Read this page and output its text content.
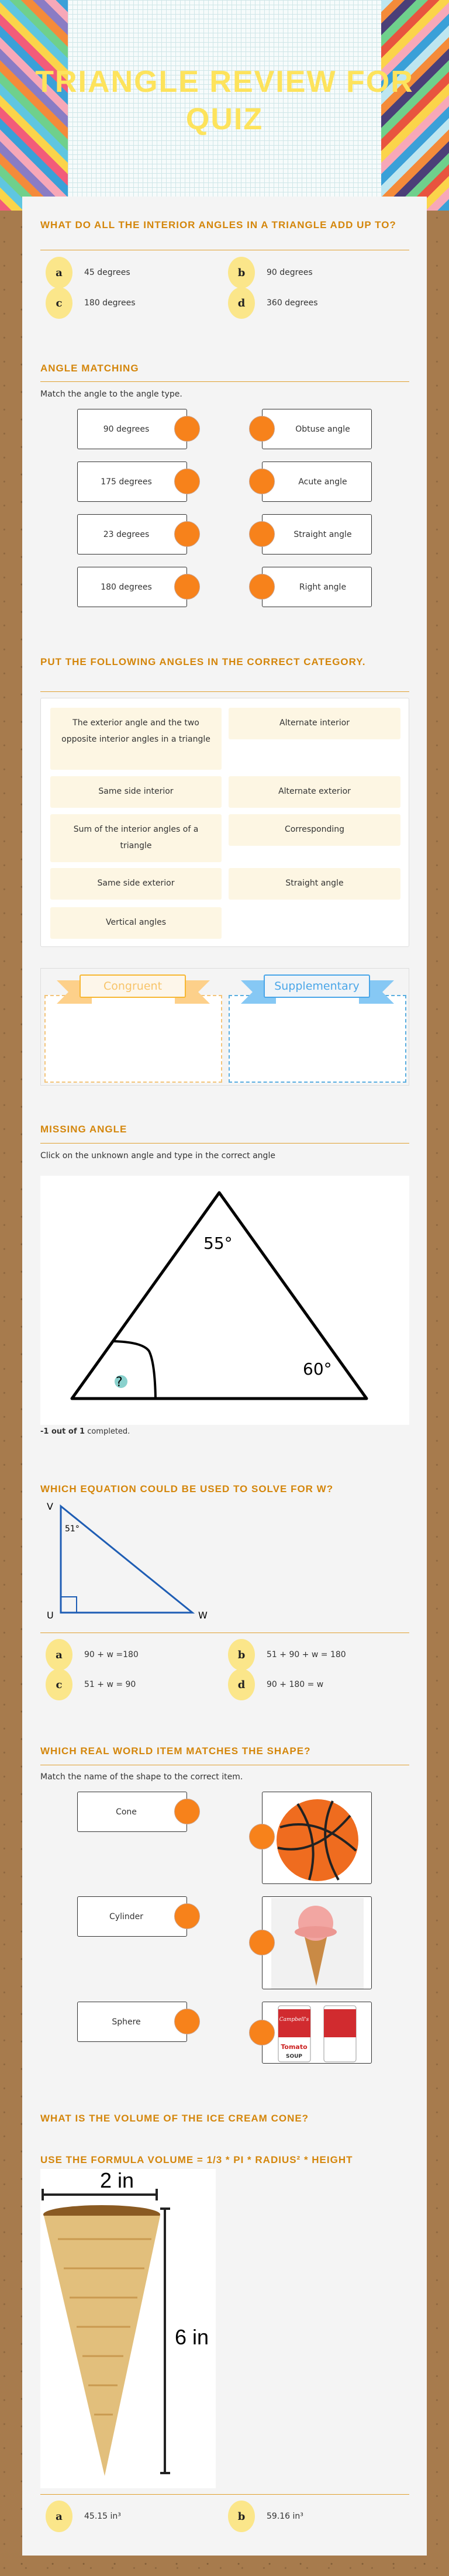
TRIANGLE REVIEW FOR QUIZ
WHAT DO ALL THE INTERIOR ANGLES IN A TRIANGLE ADD UP TO?
a	45 degrees	b	90 degrees
c	180 degrees	d	360 degrees
ANGLE MATCHING
Match the angle to the angle type.
90 degrees	Obtuse angle
175 degrees	Acute angle
23 degrees	Straight angle
180 degrees	Right angle
PUT THE FOLLOWING ANGLES IN THE CORRECT CATEGORY.
The exterior angle and the two opposite interior angles in a triangle
Alternate interior
Same side interior	Alternate exterior
Sum of the interior angles of a triangle
Corresponding
Same side exterior	Straight angle
Vertical angles
Congruent	Supplementary
MISSING ANGLE
Click on the unknown angle and type in the correct angle
55°
60°
?
-1 out of 1 completed.
WHICH EQUATION COULD BE USED TO SOLVE FOR W?
V
U	W
51°
a	90 + w =180	b	51 + 90 + w = 180
c	51 + w = 90	d	90 + 180 = w
WHICH REAL WORLD ITEM MATCHES THE SHAPE?
Match the name of the shape to the correct item.
Cone
Cylinder
Sphere	Campbell's
Tomato
SOUP
WHAT IS THE VOLUME OF THE ICE CREAM CONE?
USE THE FORMULA VOLUME = 1/3 * PI * RADIUS² * HEIGHT
2 in
6 in
a	45.15 in³	b	59.16 in³
